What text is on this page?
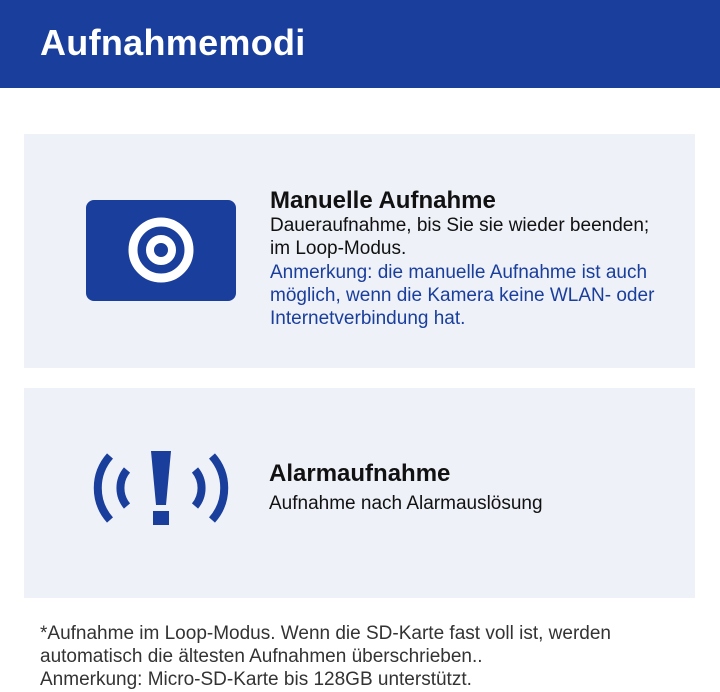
Aufnahmemodi
Manuelle Aufnahme
Daueraufnahme, bis Sie sie wieder beenden;
im Loop-Modus.
Anmerkung: die manuelle Aufnahme ist auch
möglich, wenn die Kamera keine WLAN- oder
Internetverbindung hat.
Alarmaufnahme
Aufnahme nach Alarmauslösung
*Aufnahme im Loop-Modus. Wenn die SD-Karte fast voll ist, werden
automatisch die ältesten Aufnahmen überschrieben..
Anmerkung: Micro-SD-Karte bis 128GB unterstützt.
